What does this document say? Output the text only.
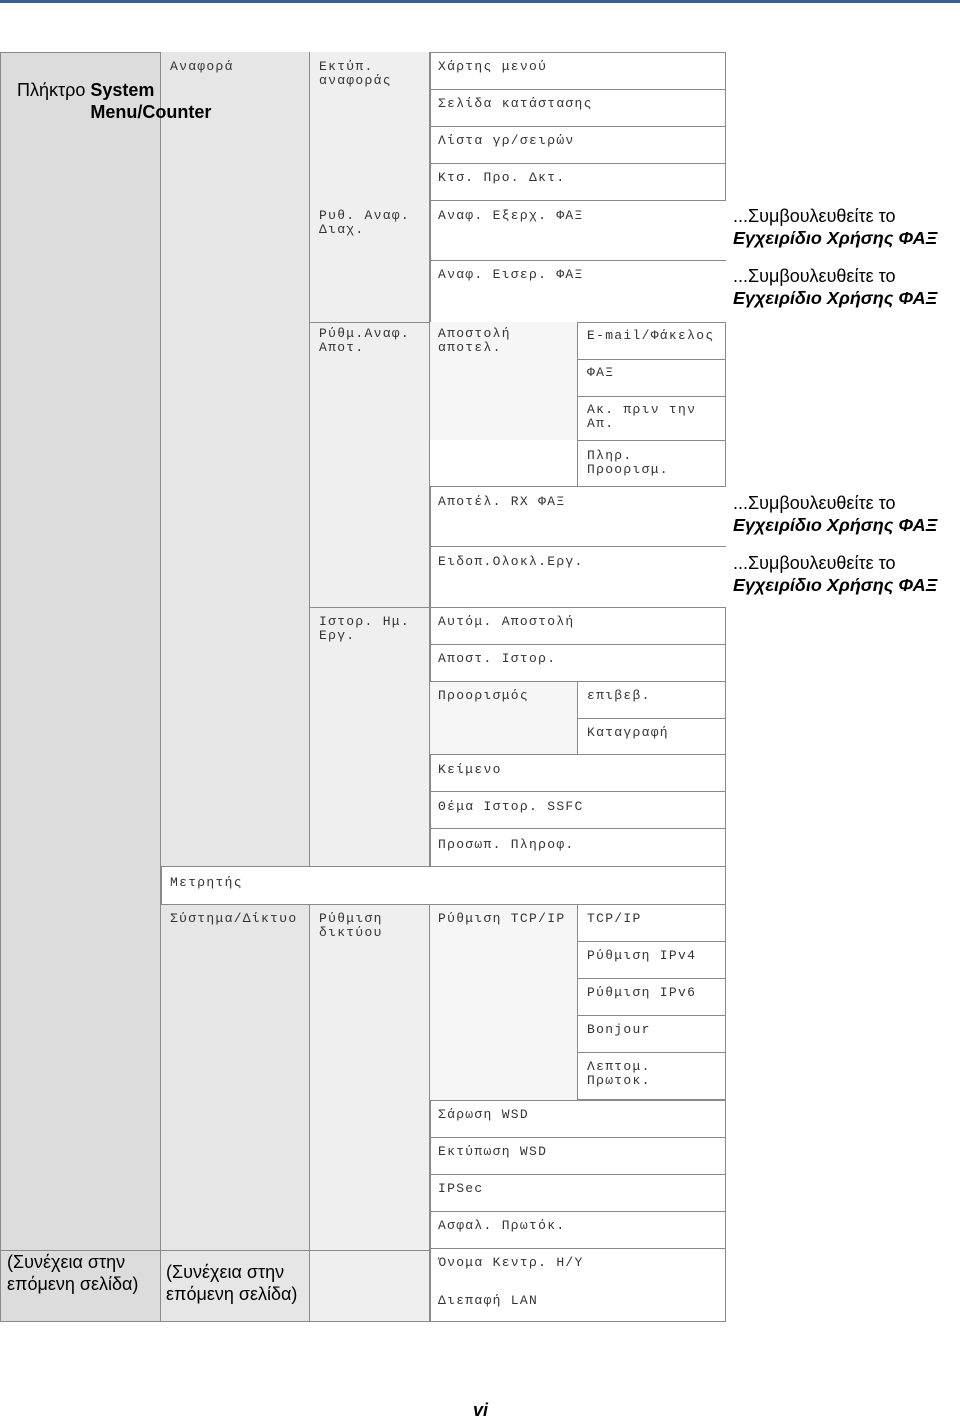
Πλήκτρο System Menu/Counter

Αναφορά
Μετρητής
Σύστημα/Δίκτυο
(Συνέχεια στην επόμενη σελίδα)
Εκτύπ. αναφοράς
Ρυθ. Αναφ. Διαχ.
Ρύθμ.Αναφ. Αποτ.
Ιστορ. Ημ. Εργ.
Ρύθμιση δικτύου
(Συνέχεια στην επόμενη σελίδα)
Χάρτης μενού
Σελίδα κατάστασης
Λίστα γρ/σειρών
Κτσ. Προ. Δκτ.
Αναφ. Εξερχ. ΦΑΞ
Αναφ. Εισερ. ΦΑΞ
Αποστολή αποτελ.
Αποτέλ. RX ΦΑΞ
Ειδοπ.Ολοκλ.Εργ.
Αυτόμ. Αποστολή
Αποστ. Ιστορ.
Προορισμός
Κείμενο
Θέμα Ιστορ. SSFC
Προσωπ. Πληροφ.
Ρύθμιση TCP/IP
Σάρωση WSD
Εκτύπωση WSD
IPSec
Ασφαλ. Πρωτόκ.
Όνομα Κεντρ. Η/Υ
Διεπαφή LAN
E-mail/Φάκελος
ΦΑΞ
Ακ. πριν την Απ.
Πληρ. Προορισμ.
επιβεβ.
Καταγραφή
TCP/IP
Ρύθμιση IPv4
Ρύθμιση IPv6
Bonjour
Λεπτομ. Πρωτοκ.
...Συμβουλευθείτε το
Εγχειρίδιο Χρήσης ΦΑΞ
...Συμβουλευθείτε το
Εγχειρίδιο Χρήσης ΦΑΞ
...Συμβουλευθείτε το
Εγχειρίδιο Χρήσης ΦΑΞ
...Συμβουλευθείτε το
Εγχειρίδιο Χρήσης ΦΑΞ
vi
